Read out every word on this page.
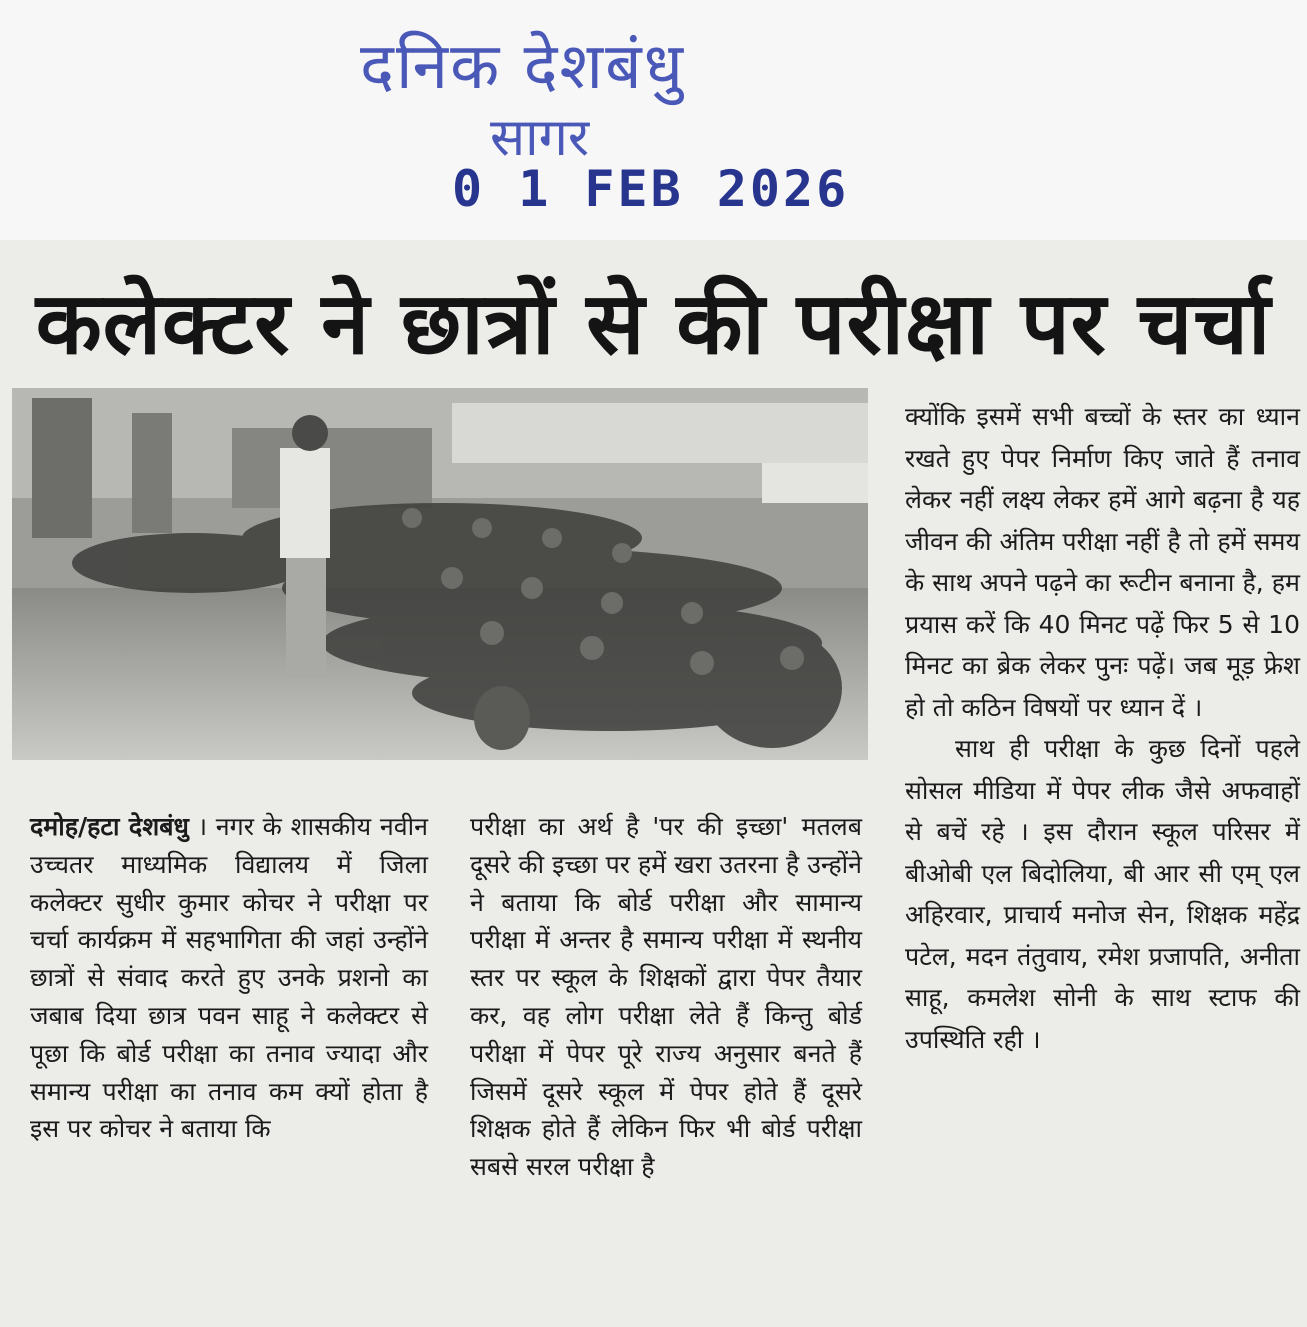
दनिक देशबंधु
सागर
0 1 FEB 2026
कलेक्टर ने छात्रों से की परीक्षा पर चर्चा

दमोह/हटा देशबंधु । नगर के शासकीय नवीन उच्चतर माध्यमिक विद्यालय में जिला कलेक्टर सुधीर कुमार कोचर ने परीक्षा पर चर्चा कार्यक्रम में सहभागिता की जहां उन्होंने छात्रों से संवाद करते हुए उनके प्रशनो का जबाब दिया छात्र पवन साहू ने कलेक्टर से पूछा कि बोर्ड परीक्षा का तनाव ज्यादा और समान्य परीक्षा का तनाव कम क्यों होता है इस पर कोचर ने बताया कि

परीक्षा का अर्थ है 'पर की इच्छा' मतलब दूसरे की इच्छा पर हमें खरा उतरना है उन्होंने ने बताया कि बोर्ड परीक्षा और सामान्य परीक्षा में अन्तर है समान्य परीक्षा में स्थनीय स्तर पर स्कूल के शिक्षकों द्वारा पेपर तैयार कर, वह लोग परीक्षा लेते हैं किन्तु बोर्ड परीक्षा में पेपर पूरे राज्य अनुसार बनते हैं जिसमें दूसरे स्कूल में पेपर होते हैं दूसरे शिक्षक होते हैं लेकिन फिर भी बोर्ड परीक्षा सबसे सरल परीक्षा है

क्योंकि इसमें सभी बच्चों के स्तर का ध्यान रखते हुए पेपर निर्माण किए जाते हैं तनाव लेकर नहीं लक्ष्य लेकर हमें आगे बढ़ना है यह जीवन की अंतिम परीक्षा नहीं है तो हमें समय के साथ अपने पढ़ने का रूटीन बनाना है, हम प्रयास करें कि 40 मिनट पढ़ें फिर 5 से 10 मिनट का ब्रेक लेकर पुनः पढ़ें। जब मूड़ फ्रेश हो तो कठिन विषयों पर ध्यान दें ।

साथ ही परीक्षा के कुछ दिनों पहले सोसल मीडिया में पेपर लीक जैसे अफवाहों से बचें रहे । इस दौरान स्कूल परिसर में बीओबी एल बिदोलिया, बी आर सी एम् एल अहिरवार, प्राचार्य मनोज सेन, शिक्षक महेंद्र पटेल, मदन तंतुवाय, रमेश प्रजापति, अनीता साहू, कमलेश सोनी के साथ स्टाफ की उपस्थिति रही ।
